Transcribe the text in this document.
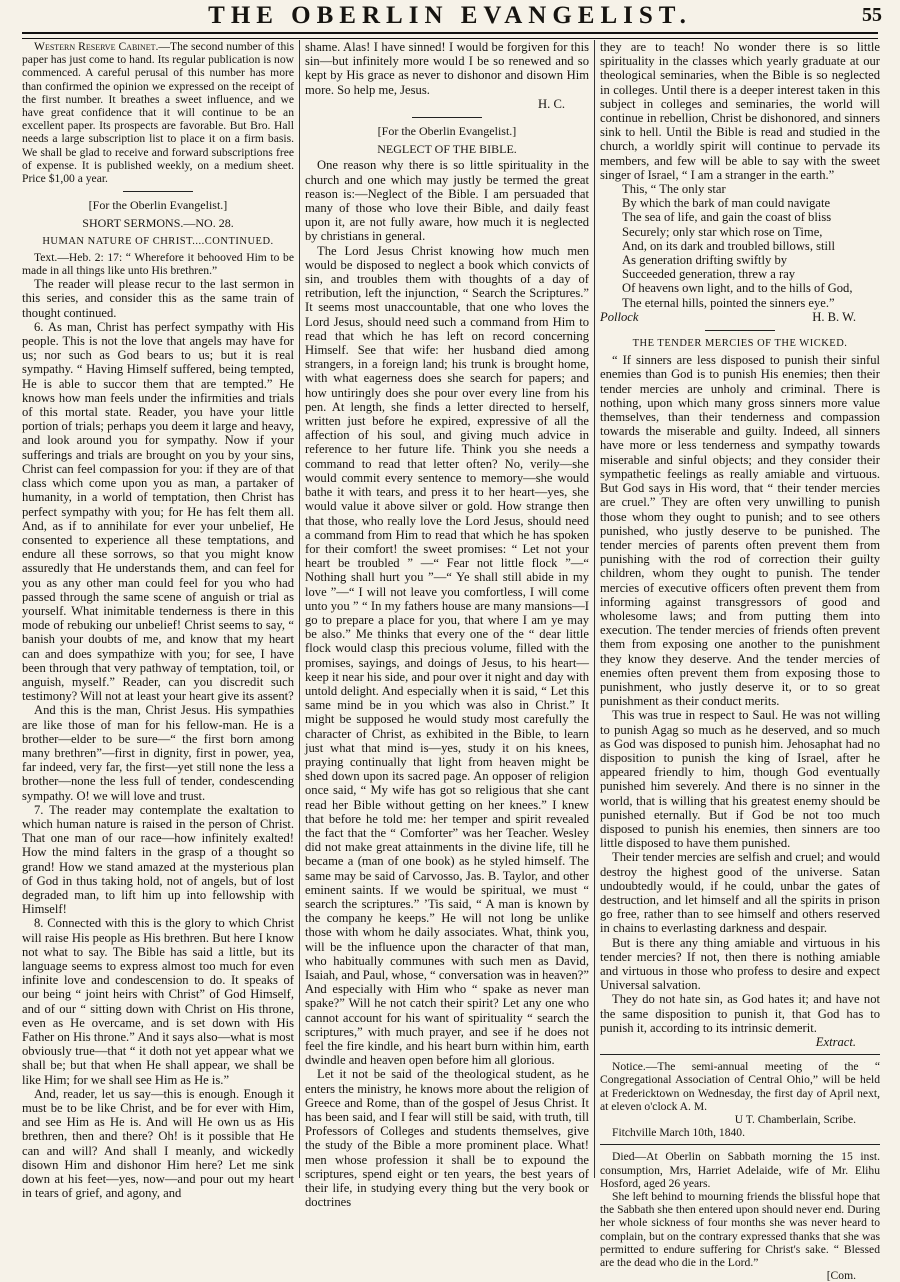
THE OBERLIN EVANGELIST.	55

Western Reserve Cabinet.—The second number of this paper has just come to hand. Its regular publication is now commenced. A careful perusal of this number has more than confirmed the opinion we expressed on the receipt of the first number. It breathes a sweet influence, and we have great confidence that it will continue to be an excellent paper. Its prospects are favorable. But Bro. Hall needs a large subscription list to place it on a firm basis. We shall be glad to receive and forward subscriptions free of expense. It is published weekly, on a medium sheet. Price $1,00 a year.

[For the Oberlin Evangelist.]

SHORT SERMONS.—NO. 28.

HUMAN NATURE OF CHRIST....CONTINUED.

Text.—Heb. 2: 17: “ Wherefore it behooved Him to be made in all things like unto His brethren.”

The reader will please recur to the last sermon in this series, and consider this as the same train of thought continued.

6. As man, Christ has perfect sympathy with His people. This is not the love that angels may have for us; nor such as God bears to us; but it is real sympathy. “ Having Himself suffered, being tempted, He is able to succor them that are tempted.” He knows how man feels under the infirmities and trials of this mortal state. Reader, you have your little portion of trials; perhaps you deem it large and heavy, and look around you for sympathy. Now if your sufferings and trials are brought on you by your sins, Christ can feel compassion for you: if they are of that class which come upon you as man, a partaker of humanity, in a world of temptation, then Christ has perfect sympathy with you; for He has felt them all. And, as if to annihilate for ever your unbelief, He consented to experience all these temptations, and endure all these sorrows, so that you might know assuredly that He understands them, and can feel for you as any other man could feel for you who had passed through the same scene of anguish or trial as yourself. What inimitable tenderness is there in this mode of rebuking our unbelief! Christ seems to say, “ banish your doubts of me, and know that my heart can and does sympathize with you; for see, I have been through that very pathway of temptation, toil, or anguish, myself.” Reader, can you discredit such testimony? Will not at least your heart give its assent?

And this is the man, Christ Jesus. His sympathies are like those of man for his fellow-man. He is a brother—elder to be sure—“ the first born among many brethren”—first in dignity, first in power, yea, far indeed, very far, the first—yet still none the less a brother—none the less full of tender, condescending sympathy. O! we will love and trust.

7. The reader may contemplate the exaltation to which human nature is raised in the person of Christ. That one man of our race—how infinitely exalted! How the mind falters in the grasp of a thought so grand! How we stand amazed at the mysterious plan of God in thus taking hold, not of angels, but of lost degraded man, to lift him up into fellowship with Himself!

8. Connected with this is the glory to which Christ will raise His people as His brethren. But here I know not what to say. The Bible has said a little, but its language seems to express almost too much for even infinite love and condescension to do. It speaks of our being “ joint heirs with Christ” of God Himself, and of our “ sitting down with Christ on His throne, even as He overcame, and is set down with His Father on His throne.” And it says also—what is most obviously true—that “ it doth not yet appear what we shall be; but that when He shall appear, we shall be like Him; for we shall see Him as He is.”

And, reader, let us say—this is enough. Enough it must be to be like Christ, and be for ever with Him, and see Him as He is. And will He own us as His brethren, then and there? Oh! is it possible that He can and will? And shall I meanly, and wickedly disown Him and dishonor Him here? Let me sink down at his feet—yes, now—and pour out my heart in tears of grief, and agony, and

shame. Alas! I have sinned! I would be forgiven for this sin—but infinitely more would I be so renewed and so kept by His grace as never to dishonor and disown Him more. So help me, Jesus.

H. C.

[For the Oberlin Evangelist.]

NEGLECT OF THE BIBLE.

One reason why there is so little spirituality in the church and one which may justly be termed the great reason is:—Neglect of the Bible. I am persuaded that many of those who love their Bible, and daily feast upon it, are not fully aware, how much it is neglected by christians in general.

The Lord Jesus Christ knowing how much men would be disposed to neglect a book which convicts of sin, and troubles them with thoughts of a day of retribution, left the injunction, “ Search the Scriptures.” It seems most unaccountable, that one who loves the Lord Jesus, should need such a command from Him to read that which he has left on record concerning Himself. See that wife: her husband died among strangers, in a foreign land; his trunk is brought home, with what eagerness does she search for papers; and how untiringly does she pour over every line from his pen. At length, she finds a letter directed to herself, written just before he expired, expressive of all the affection of his soul, and giving much advice in reference to her future life. Think you she needs a command to read that letter often? No, verily—she would commit every sentence to memory—she would bathe it with tears, and press it to her heart—yes, she would value it above silver or gold. How strange then that those, who really love the Lord Jesus, should need a command from Him to read that which he has spoken for their comfort! the sweet promises: “ Let not your heart be troubled ” —“ Fear not little flock ”—“ Nothing shall hurt you ”—“ Ye shall still abide in my love ”—“ I will not leave you comfortless, I will come unto you ” “ In my fathers house are many mansions—I go to prepare a place for you, that where I am ye may be also.” Me thinks that every one of the “ dear little flock would clasp this precious volume, filled with the promises, sayings, and doings of Jesus, to his heart—keep it near his side, and pour over it night and day with untold delight. And especially when it is said, “ Let this same mind be in you which was also in Christ.” It might be supposed he would study most carefully the character of Christ, as exhibited in the Bible, to learn just what that mind is—yes, study it on his knees, praying continually that light from heaven might be shed down upon its sacred page. An opposer of religion once said, “ My wife has got so religious that she cant read her Bible without getting on her knees.” I knew that before he told me: her temper and spirit revealed the fact that the “ Comforter” was her Teacher. Wesley did not make great attainments in the divine life, till he became a (man of one book) as he styled himself. The same may be said of Carvosso, Jas. B. Taylor, and other eminent saints. If we would be spiritual, we must “ search the scriptures.” ’Tis said, “ A man is known by the company he keeps.” He will not long be unlike those with whom he daily associates. What, think you, will be the influence upon the character of that man, who habitually communes with such men as David, Isaiah, and Paul, whose, “ conversation was in heaven?” And especially with Him who “ spake as never man spake?” Will he not catch their spirit? Let any one who cannot account for his want of spirituality “ search the scriptures,” with much prayer, and see if he does not feel the fire kindle, and his heart burn within him, earth dwindle and heaven open before him all glorious.

Let it not be said of the theological student, as he enters the ministry, he knows more about the religion of Greece and Rome, than of the gospel of Jesus Christ. It has been said, and I fear will still be said, with truth, till Professors of Colleges and students themselves, give the study of the Bible a more prominent place. What! men whose profession it shall be to expound the scriptures, spend eight or ten years, the best years of their life, in studying every thing but the very book or doctrines

they are to teach! No wonder there is so little spirituality in the classes which yearly graduate at our theological seminaries, when the Bible is so neglected in colleges. Until there is a deeper interest taken in this subject in colleges and seminaries, the world will continue in rebellion, Christ be dishonored, and sinners sink to hell. Until the Bible is read and studied in the church, a worldly spirit will continue to pervade its members, and few will be able to say with the sweet singer of Israel, “ I am a stranger in the earth.”

This, “ The only star
By which the bark of man could navigate
The sea of life, and gain the coast of bliss
Securely; only star which rose on Time,
And, on its dark and troubled billows, still
As generation drifting swiftly by
Succeeded generation, threw a ray
Of heavens own light, and to the hills of God,
The eternal hills, pointed the sinners eye.”
Pollock	H. B. W.

THE TENDER MERCIES OF THE WICKED.

“ If sinners are less disposed to punish their sinful enemies than God is to punish His enemies; then their tender mercies are unholy and criminal. There is nothing, upon which many gross sinners more value themselves, than their tenderness and compassion towards the miserable and guilty. Indeed, all sinners have more or less tenderness and sympathy towards miserable and sinful objects; and they consider their sympathetic feelings as really amiable and virtuous. But God says in His word, that “ their tender mercies are cruel.” They are often very unwilling to punish those whom they ought to punish; and to see others punished, who justly deserve to be punished. The tender mercies of parents often prevent them from punishing with the rod of correction their guilty children, whom they ought to punish. The tender mercies of executive officers often prevent them from informing against transgressors of good and wholesome laws; and from putting them into execution. The tender mercies of friends often prevent them from exposing one another to the punishment they know they deserve. And the tender mercies of enemies often prevent them from exposing those to punishment, who justly deserve it, or to so great punishment as their conduct merits.

This was true in respect to Saul. He was not willing to punish Agag so much as he deserved, and so much as God was disposed to punish him. Jehosaphat had no disposition to punish the king of Israel, after he appeared friendly to him, though God eventually punished him severely. And there is no sinner in the world, that is willing that his greatest enemy should be punished eternally. But if God be not too much disposed to punish his enemies, then sinners are too little disposed to have them punished.

Their tender mercies are selfish and cruel; and would destroy the highest good of the universe. Satan undoubtedly would, if he could, unbar the gates of destruction, and let himself and all the spirits in prison go free, rather than to see himself and others reserved in chains to everlasting darkness and despair.

But is there any thing amiable and virtuous in his tender mercies? If not, then there is nothing amiable and virtuous in those who profess to desire and expect Universal salvation.

They do not hate sin, as God hates it; and have not the same disposition to punish it, that God has to punish it, according to its intrinsic demerit.

Extract.

Notice.—The semi-annual meeting of the “ Congregational Association of Central Ohio,” will be held at Fredericktown on Wednesday, the first day of April next, at eleven o'clock A. M.

U T. Chamberlain, Scribe.

Fitchville March 10th, 1840.

Died—At Oberlin on Sabbath morning the 15 inst. consumption, Mrs, Harriet Adelaide, wife of Mr. Elihu Hosford, aged 26 years.

She left behind to mourning friends the blissful hope that the Sabbath she then entered upon should never end. During her whole sickness of four months she was never heard to complain, but on the contrary expressed thanks that she was permitted to endure suffering for Christ's sake. “ Blessed are the dead who die in the Lord.”

[Com.
